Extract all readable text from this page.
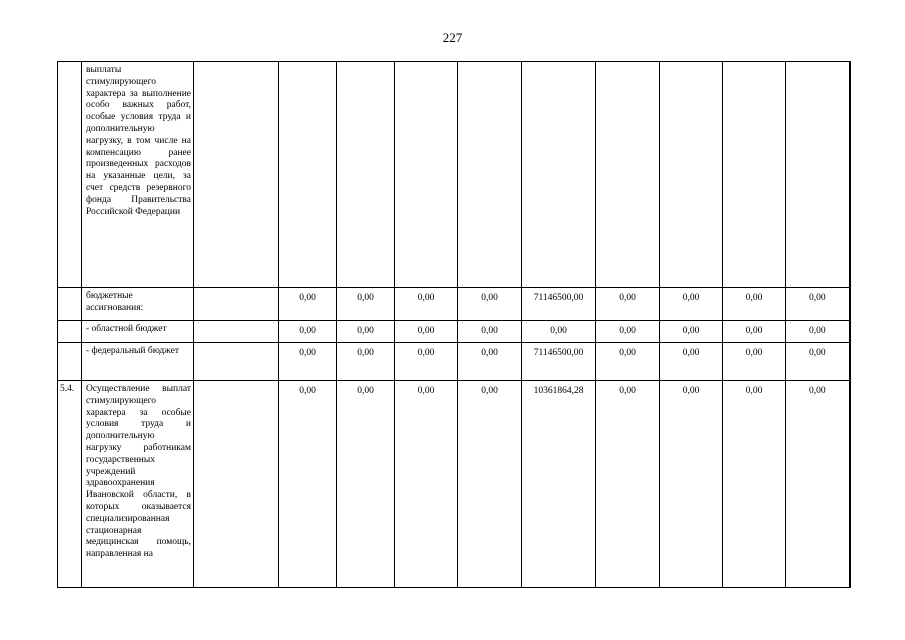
227
	выплаты стимулирующего характера за выполнение особо важных работ, особые условия труда и дополнительную нагрузку, в том числе на компенсацию ранее произведенных расходов на указанные цели, за счет средств резервного фонда Правительства Российской Федерации										
	бюджетные ассигнования:		0,00	0,00	0,00	0,00	71146500,00	0,00	0,00	0,00	0,00
	- областной бюджет		0,00	0,00	0,00	0,00	0,00	0,00	0,00	0,00	0,00
	- федеральный бюджет		0,00	0,00	0,00	0,00	71146500,00	0,00	0,00	0,00	0,00
5.4.	Осуществление выплат стимулирующего характера за особые условия труда и дополнительную нагрузку работникам государственных учреждений здравоохранения Ивановской области, в которых оказывается специализированная стационарная медицинская помощь, направленная на		0,00	0,00	0,00	0,00	10361864,28	0,00	0,00	0,00	0,00
